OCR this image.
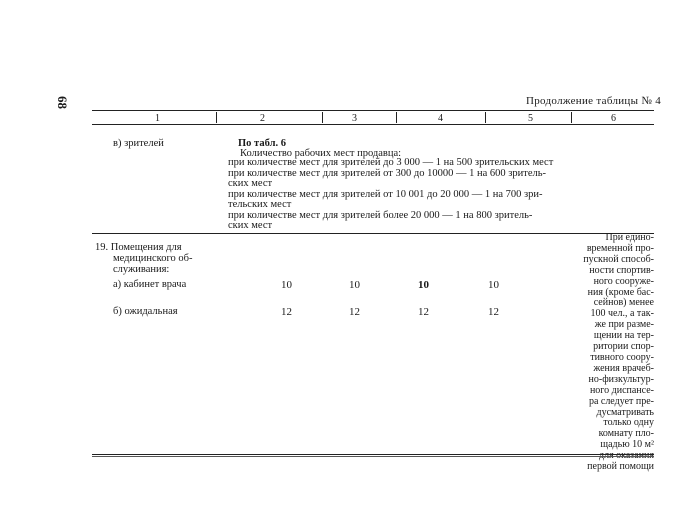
68	Продолжение таблицы № 4
1	2	3	4	5	6
в) зрителей	По табл. 6
Количество рабочих мест продавца:
при количестве мест для зрителей до 3 000 — 1 на 500 зрительских мест
при количестве мест для зрителей от 300 до 10000 — 1 на 600 зритель-
ских мест
при количестве мест для зрителей от 10 001 до 20 000 — 1 на 700 зри-
тельских мест
при количестве мест для зрителей более 20 000 — 1 на 800 зритель-
ских мест
19. Помещения для
медицинского об-
служивания:
а) кабинет врача	10	10	10	10
б) ожидальная	12	12	12	12
При едино-
временной про-
пускной способ-
ности спортив-
ного сооруже-
ния (кроме бас-
сейнов) менее
100 чел., а так-
же при разме-
щении на тер-
ритории спор-
тивного соору-
жения врачеб-
но-физкультур-
ного диспансе-
ра следует пре-
дусматривать
только одну
комнату пло-
щадью 10 м²
первой помощи
